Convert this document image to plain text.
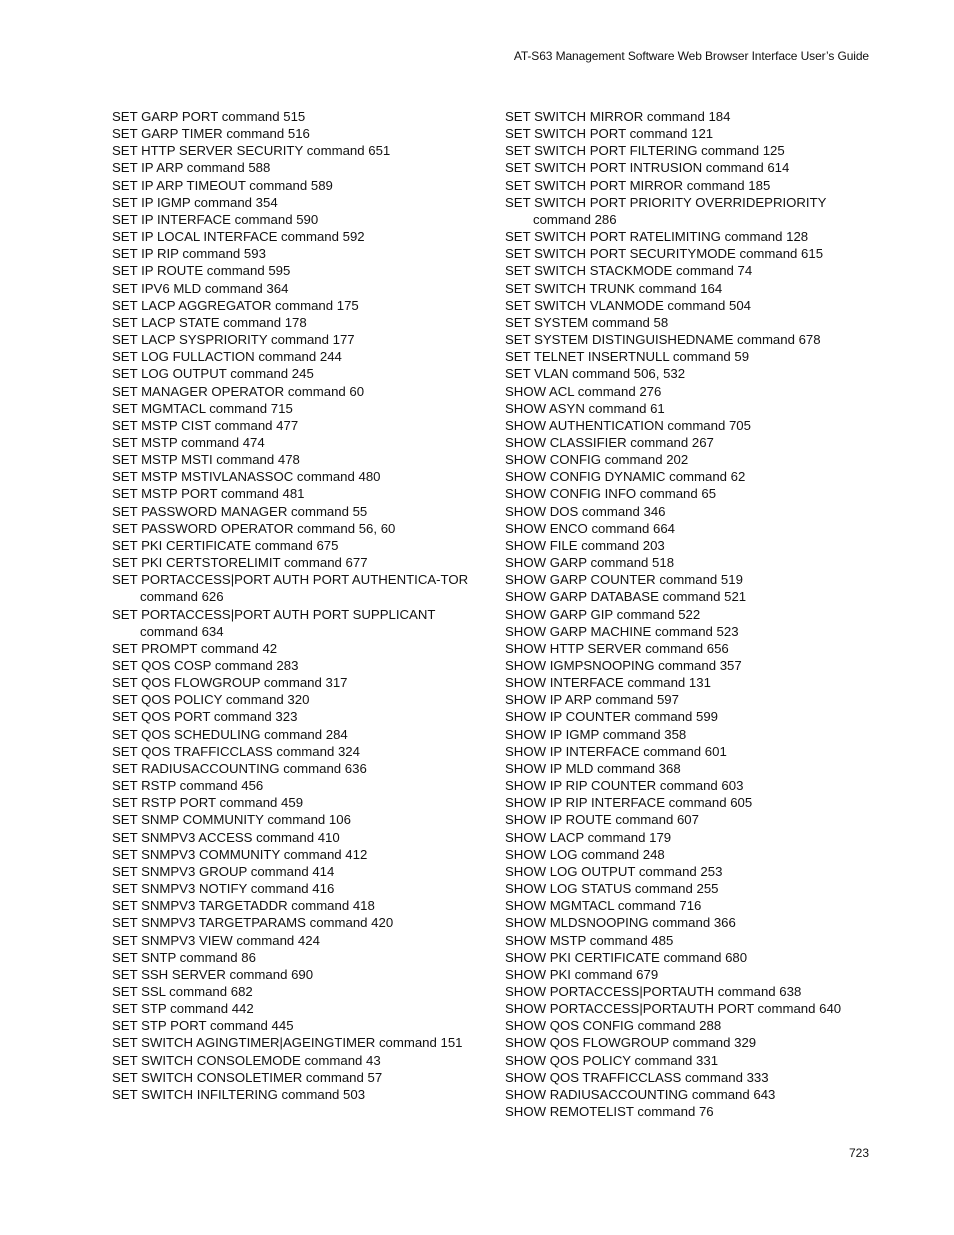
AT-S63 Management Software Web Browser Interface User’s Guide
SET GARP PORT command 515
SET GARP TIMER command 516
SET HTTP SERVER SECURITY command 651
SET IP ARP command 588
SET IP ARP TIMEOUT command 589
SET IP IGMP command 354
SET IP INTERFACE command 590
SET IP LOCAL INTERFACE command 592
SET IP RIP command 593
SET IP ROUTE command 595
SET IPV6 MLD command 364
SET LACP AGGREGATOR command 175
SET LACP STATE command 178
SET LACP SYSPRIORITY command 177
SET LOG FULLACTION command 244
SET LOG OUTPUT command 245
SET MANAGER OPERATOR command 60
SET MGMTACL command 715
SET MSTP CIST command 477
SET MSTP command 474
SET MSTP MSTI command 478
SET MSTP MSTIVLANASSOC command 480
SET MSTP PORT command 481
SET PASSWORD MANAGER command 55
SET PASSWORD OPERATOR command 56, 60
SET PKI CERTIFICATE command 675
SET PKI CERTSTORELIMIT command 677
SET PORTACCESS|PORT AUTH PORT AUTHENTICA-TOR command 626
SET PORTACCESS|PORT AUTH PORT SUPPLICANT command 634
SET PROMPT command 42
SET QOS COSP command 283
SET QOS FLOWGROUP command 317
SET QOS POLICY command 320
SET QOS PORT command 323
SET QOS SCHEDULING command 284
SET QOS TRAFFICCLASS command 324
SET RADIUSACCOUNTING command 636
SET RSTP command 456
SET RSTP PORT command 459
SET SNMP COMMUNITY command 106
SET SNMPV3 ACCESS command 410
SET SNMPV3 COMMUNITY command 412
SET SNMPV3 GROUP command 414
SET SNMPV3 NOTIFY command 416
SET SNMPV3 TARGETADDR command 418
SET SNMPV3 TARGETPARAMS command 420
SET SNMPV3 VIEW command 424
SET SNTP command 86
SET SSH SERVER command 690
SET SSL command 682
SET STP command 442
SET STP PORT command 445
SET SWITCH AGINGTIMER|AGEINGTIMER command 151
SET SWITCH CONSOLEMODE command 43
SET SWITCH CONSOLETIMER command 57
SET SWITCH INFILTERING command 503
SET SWITCH MIRROR command 184
SET SWITCH PORT command 121
SET SWITCH PORT FILTERING command 125
SET SWITCH PORT INTRUSION command 614
SET SWITCH PORT MIRROR command 185
SET SWITCH PORT PRIORITY OVERRIDEPRIORITY command 286
SET SWITCH PORT RATELIMITING command 128
SET SWITCH PORT SECURITYMODE command 615
SET SWITCH STACKMODE command 74
SET SWITCH TRUNK command 164
SET SWITCH VLANMODE command 504
SET SYSTEM command 58
SET SYSTEM DISTINGUISHEDNAME command 678
SET TELNET INSERTNULL command 59
SET VLAN command 506, 532
SHOW ACL command 276
SHOW ASYN command 61
SHOW AUTHENTICATION command 705
SHOW CLASSIFIER command 267
SHOW CONFIG command 202
SHOW CONFIG DYNAMIC command 62
SHOW CONFIG INFO command 65
SHOW DOS command 346
SHOW ENCO command 664
SHOW FILE command 203
SHOW GARP command 518
SHOW GARP COUNTER command 519
SHOW GARP DATABASE command 521
SHOW GARP GIP command 522
SHOW GARP MACHINE command 523
SHOW HTTP SERVER command 656
SHOW IGMPSNOOPING command 357
SHOW INTERFACE command 131
SHOW IP ARP command 597
SHOW IP COUNTER command 599
SHOW IP IGMP command 358
SHOW IP INTERFACE command 601
SHOW IP MLD command 368
SHOW IP RIP COUNTER command 603
SHOW IP RIP INTERFACE command 605
SHOW IP ROUTE command 607
SHOW LACP command 179
SHOW LOG command 248
SHOW LOG OUTPUT command 253
SHOW LOG STATUS command 255
SHOW MGMTACL command 716
SHOW MLDSNOOPING command 366
SHOW MSTP command 485
SHOW PKI CERTIFICATE command 680
SHOW PKI command 679
SHOW PORTACCESS|PORTAUTH command 638
SHOW PORTACCESS|PORTAUTH PORT command 640
SHOW QOS CONFIG command 288
SHOW QOS FLOWGROUP command 329
SHOW QOS POLICY command 331
SHOW QOS TRAFFICCLASS command 333
SHOW RADIUSACCOUNTING command 643
SHOW REMOTELIST command 76
723
